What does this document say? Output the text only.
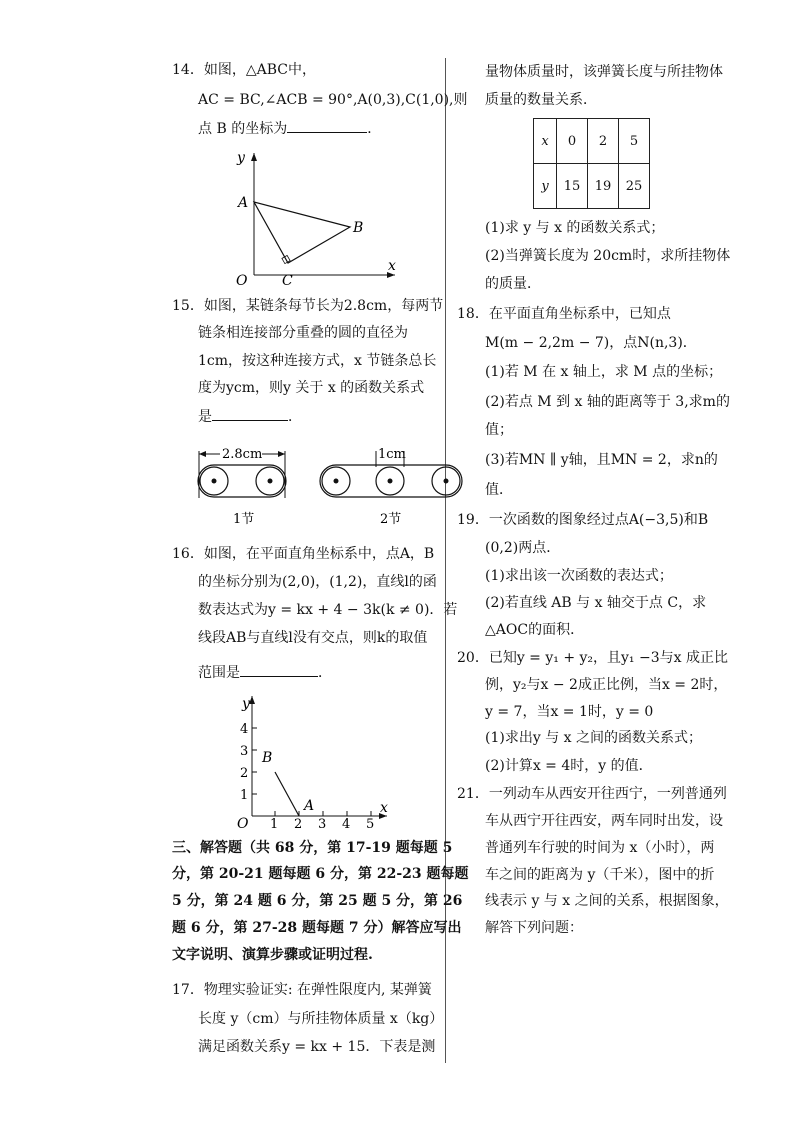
14．如图，△ABC中，
AC = BC,∠ACB = 90°,A(0,3),C(1,0),则
点 B 的坐标为	．
y
x
A
B
O C
15．如图，某链条每节长为2.8cm，每两节
链条相连接部分重叠的圆的直径为
1cm，按这种连接方式，x 节链条总长
度为ycm，则y 关于 x 的函数关系式
是	．
2.8cm
1节
1cm
2节
16．如图，在平面直角坐标系中，点A，B
的坐标分别为(2,0)，(1,2)，直线l的函
数表达式为y = kx + 4 − 3k(k ≠ 0)．若
线段AB与直线l没有交点，则k的取值
范围是	．
y
x
O
A
B
1 2 3 4 5
1
2
3
4
三、解答题（共 68 分，第 17-19 题每题 5
分，第 20-21 题每题 6 分，第 22-23 题每题
5 分，第 24 题 6 分，第 25 题 5 分，第 26
题 6 分，第 27-28 题每题 7 分）解答应写出
文字说明、演算步骤或证明过程.
17．物理实验证实: 在弹性限度内, 某弹簧
长度 y（cm）与所挂物体质量 x（kg）
满足函数关系y = kx + 15．下表是测
量物体质量时，该弹簧长度与所挂物体
质量的数量关系．
x	0	2	5
y	15	19	25
(1)求 y 与 x 的函数关系式；
(2)当弹簧长度为 20cm时，求所挂物体
的质量．
18．在平面直角坐标系中，已知点
M(m − 2,2m − 7)，点N(n,3)．
(1)若 M 在 x 轴上，求 M 点的坐标；
(2)若点 M 到 x 轴的距离等于 3,求m的
值；
(3)若MN ∥ y轴，且MN = 2，求n的
值．
19．一次函数的图象经过点A(−3,5)和B
(0,2)两点．
(1)求出该一次函数的表达式；
(2)若直线 AB 与 x 轴交于点 C，求
△AOC的面积．
20．已知y = y₁ + y₂，且y₁ −3与x 成正比
例，y₂与x − 2成正比例，当x = 2时，
y = 7，当x = 1时，y = 0
(1)求出y 与 x 之间的函数关系式；
(2)计算x = 4时，y 的值．
21．一列动车从西安开往西宁，一列普通列
车从西宁开往西安，两车同时出发，设
普通列车行驶的时间为 x（小时），两
车之间的距离为 y（千米），图中的折
线表示 y 与 x 之间的关系，根据图象，
解答下列问题：
